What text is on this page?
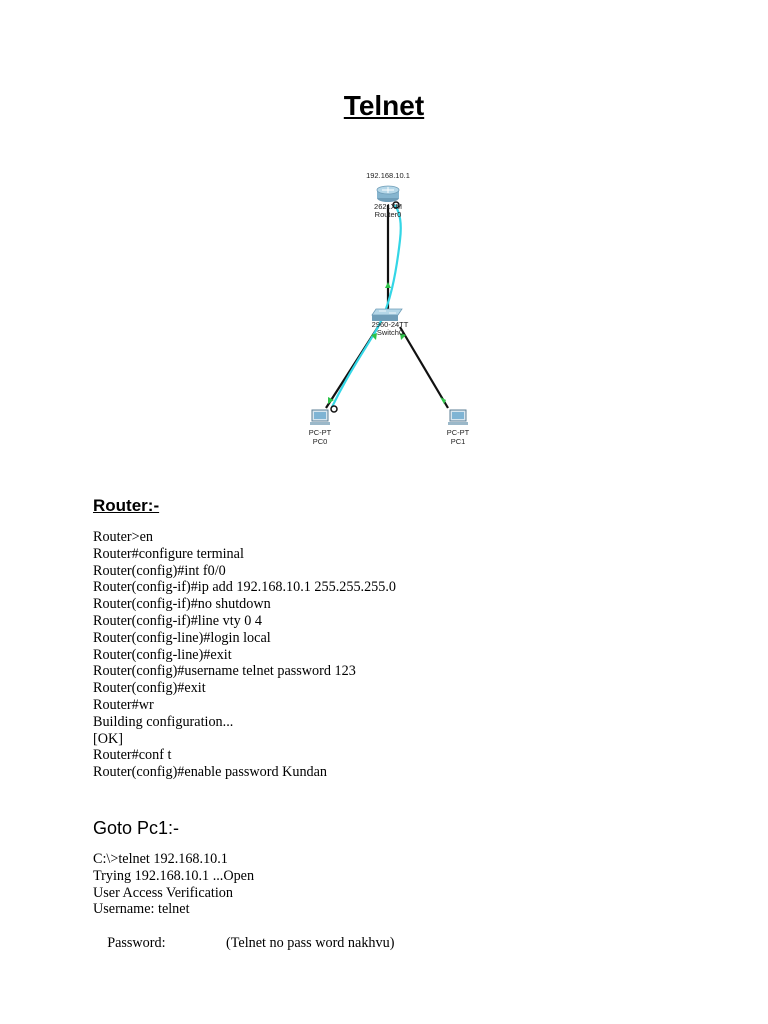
Telnet
192.168.10.1
2621XM
Router0
2960-24TT
Switch0
PC-PT
PC0
PC-PT
PC1
Router:-
Router>en
Router#configure terminal
Router(config)#int f0/0
Router(config-if)#ip add 192.168.10.1 255.255.255.0
Router(config-if)#no shutdown
Router(config-if)#line vty 0 4
Router(config-line)#login local
Router(config-line)#exit
Router(config)#username telnet password 123
Router(config)#exit
Router#wr
Building configuration...
[OK]
Router#conf t
Router(config)#enable password Kundan
Goto Pc1:-
C:\>telnet 192.168.10.1
Trying 192.168.10.1 ...Open
User Access Verification
Username: telnet

Password:	(Telnet no pass word nakhvu)
